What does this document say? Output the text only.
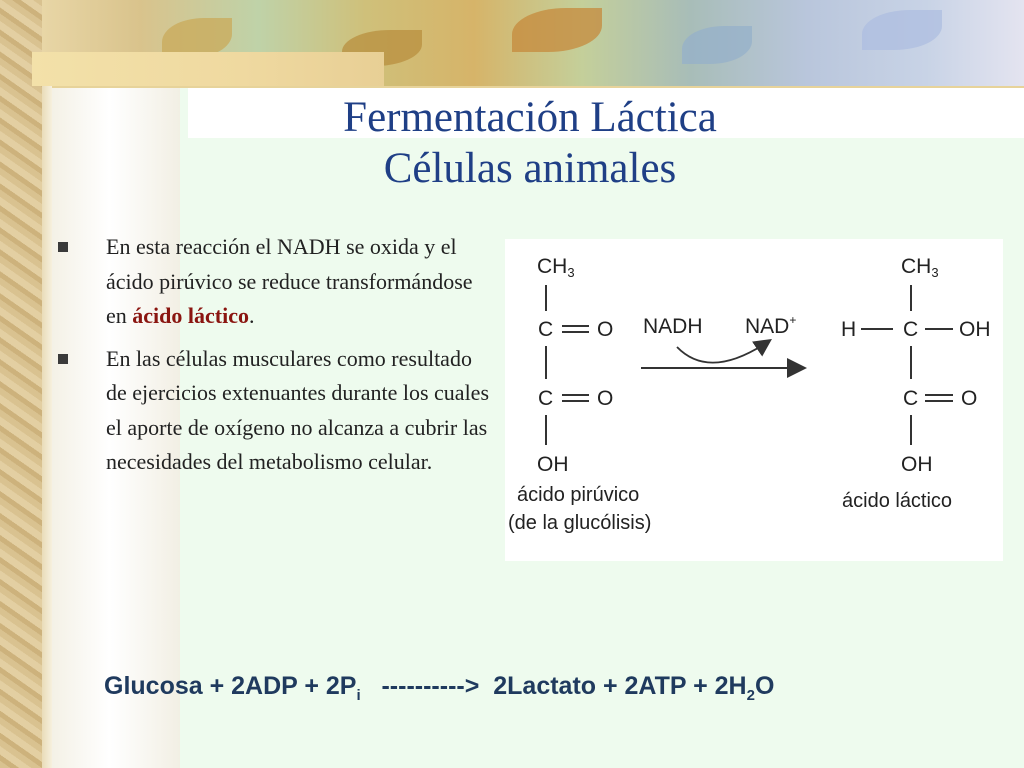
Fermentación Láctica
Células animales
En esta reacción el NADH se oxida y el ácido pirúvico se reduce transformándose en ácido láctico.
En las células musculares como resultado de ejercicios extenuantes durante los cuales el aporte de oxígeno no alcanza a cubrir las necesidades del metabolismo celular.
CH3
C O
C O
OH
ácido pirúvico
(de la glucólisis)
NADH NAD+
CH3
H C OH
C O
OH
ácido láctico
$Glucosa + 2ADP + 2P_i$ ----------> 2Lactato + $2ATP + 2H_2O$
